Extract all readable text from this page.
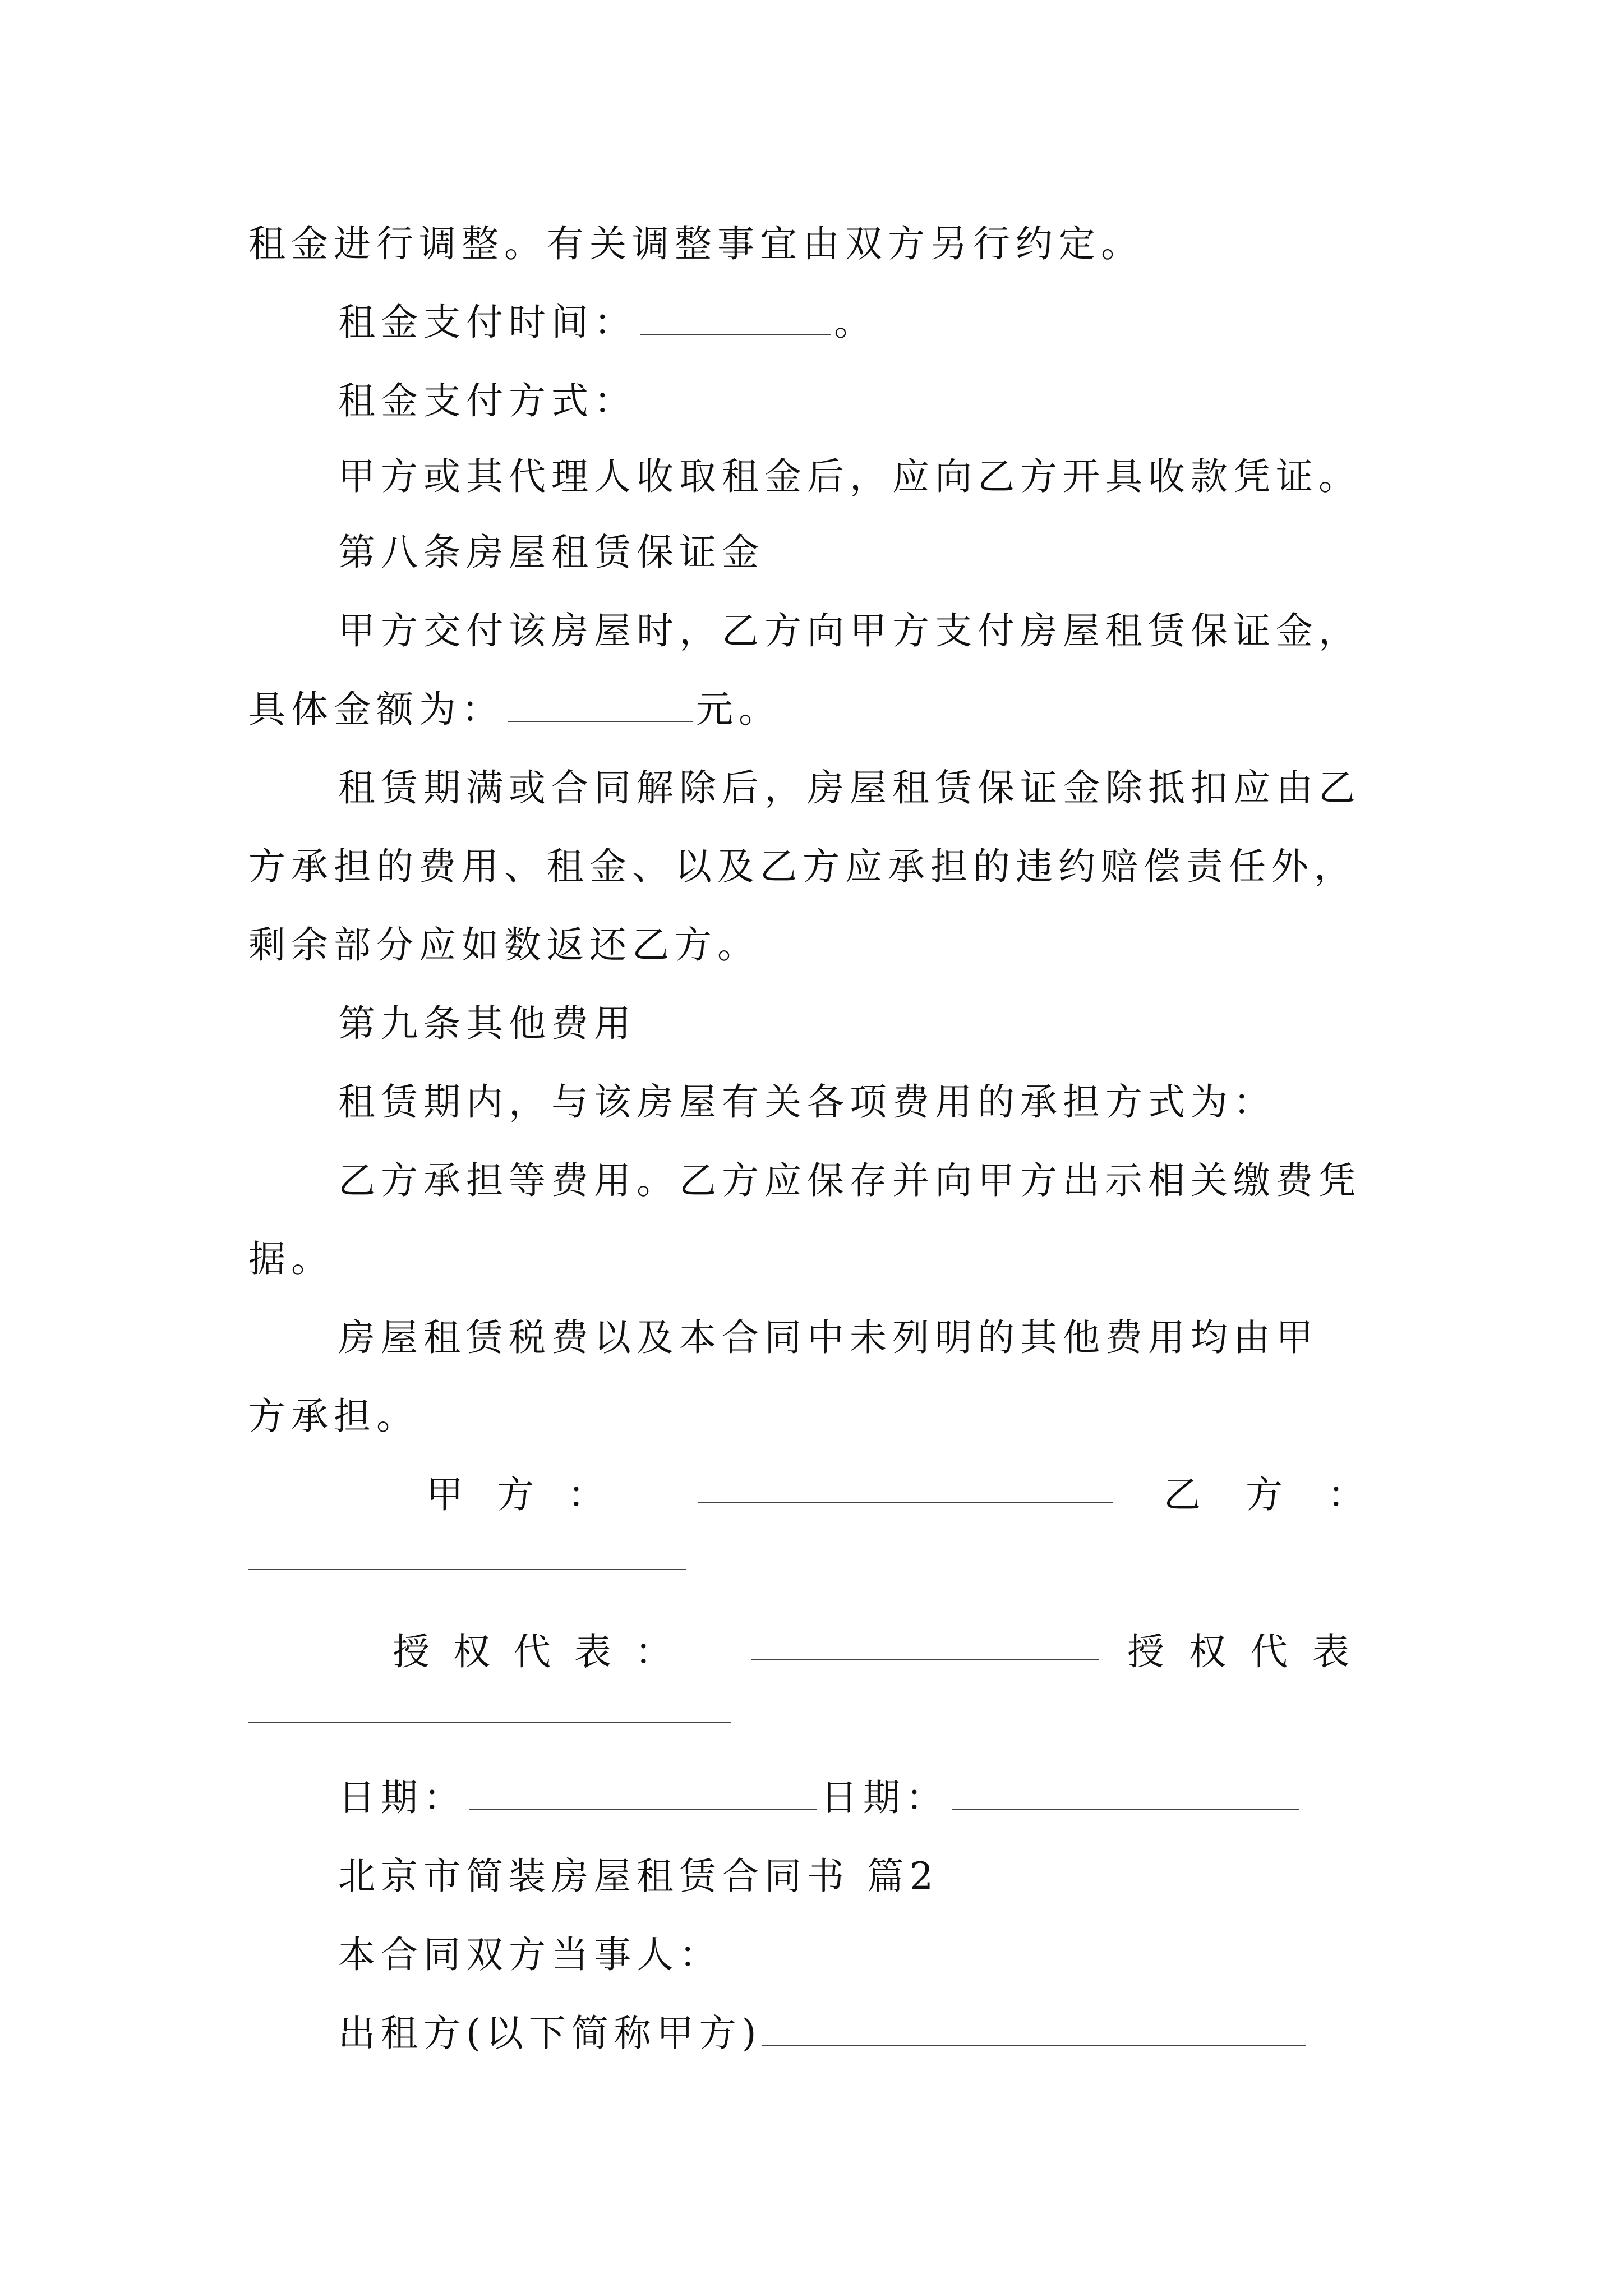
租金进行调整。有关调整事宜由双方另行约定。
租金支付时间：	。
租金支付方式：
甲方或其代理人收取租金后，应向乙方开具收款凭证。
第八条房屋租赁保证金
甲方交付该房屋时，乙方向甲方支付房屋租赁保证金，
具体金额为：	元。
租赁期满或合同解除后，房屋租赁保证金除抵扣应由乙
方承担的费用、租金、以及乙方应承担的违约赔偿责任外，
剩余部分应如数返还乙方。
第九条其他费用
租赁期内，与该房屋有关各项费用的承担方式为：
乙方承担等费用。乙方应保存并向甲方出示相关缴费凭
据。
房屋租赁税费以及本合同中未列明的其他费用均由甲
方承担。
甲方：	乙方：
授权代表：	授权代表
日期：	日期：
北京市简装房屋租赁合同书 篇2
本合同双方当事人：
出租方(以下简称甲方)
